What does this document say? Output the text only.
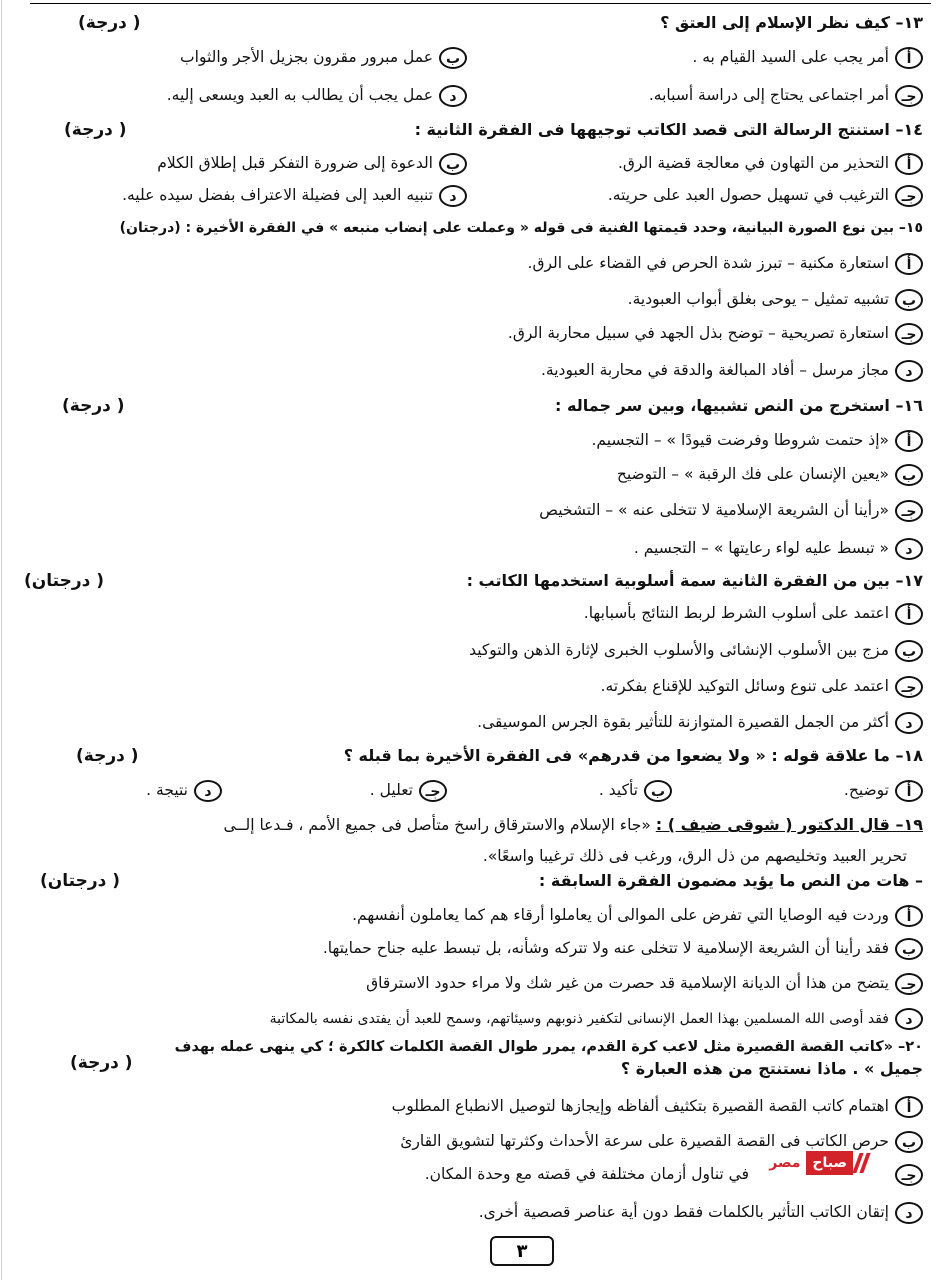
١٣– كيف نظر الإسلام إلى العتق ؟
( درجة)
أأمر يجب على السيد القيام به .
بعمل مبرور مقرون بجزيل الأجر والثواب
جـأمر اجتماعى يحتاج إلى دراسة أسبابه.
دعمل يجب أن يطالب به العبد ويسعى إليه.
١٤– استنتج الرسالة التى قصد الكاتب توجيهها فى الفقرة الثانية :
( درجة)
أالتحذير من التهاون في معالجة قضية الرق.
بالدعوة إلى ضرورة التفكر قبل إطلاق الكلام
جـالترغيب في تسهيل حصول العبد على حريته.
دتنبيه العبد إلى فضيلة الاعتراف بفضل سيده عليه.
١٥– بين نوع الصورة البيانية، وحدد قيمتها الفنية فى قوله « وعملت على إنضاب منبعه » في الفقرة الأخيرة : (درجتان)
أاستعارة مكنية – تبرز شدة الحرص في القضاء على الرق.
بتشبيه تمثيل – يوحى بغلق أبواب العبودية.
جـاستعارة تصريحية – توضح بذل الجهد في سبيل محاربة الرق.
دمجاز مرسل – أفاد المبالغة والدقة في محاربة العبودية.
١٦– استخرج من النص تشبيها، وبين سر جماله :
( درجة)
أ«إذ حتمت شروطا وفرضت قيودًا » – التجسيم.
ب«يعين الإنسان على فك الرقبة » – التوضيح
جـ«رأينا أن الشريعة الإسلامية لا تتخلى عنه » – التشخيص
د« تبسط عليه لواء رعايتها » – التجسيم .
١٧– بين من الفقرة الثانية سمة أسلوبية استخدمها الكاتب :
( درجتان)
أاعتمد على أسلوب الشرط لربط النتائج بأسبابها.
بمزج بين الأسلوب الإنشائى والأسلوب الخبرى لإثارة الذهن والتوكيد
جـاعتمد على تنوع وسائل التوكيد للإقناع بفكرته.
دأكثر من الجمل القصيرة المتوازنة للتأثير بقوة الجرس الموسيقى.
١٨– ما علاقة قوله : « ولا يضعوا من قدرهم» فى الفقرة الأخيرة بما قبله ؟
( درجة)
أتوضيح.
بتأكيد .
جـتعليل .
دنتيجة .
١٩– قال الدكتور ( شوقى ضيف ) : «جاء الإسلام والاسترقاق راسخ متأصل فى جميع الأمم ، فـدعا إلــى
تحرير العبيد وتخليصهم من ذل الرق، ورغب فى ذلك ترغيبا واسعًا».
– هات من النص ما يؤيد مضمون الفقرة السابقة :
( درجتان)
أوردت فيه الوصايا التي تفرض على الموالى أن يعاملوا أرقاء هم كما يعاملون أنفسهم.
بفقد رأينا أن الشريعة الإسلامية لا تتخلى عنه ولا تتركه وشأنه، بل تبسط عليه جناح حمايتها.
جـيتضح من هذا أن الديانة الإسلامية قد حصرت من غير شك ولا مراء حدود الاسترقاق
دفقد أوصى الله المسلمين بهذا العمل الإنسانى لتكفير ذنوبهم وسيئاتهم، وسمح للعبد أن يفتدى نفسه بالمكاتبة
٢٠– «كاتب القصة القصيرة مثل لاعب كرة القدم، يمرر طوال القصة الكلمات كالكرة ؛ كي ينهى عمله بهدف
جميل » . ماذا نستنتج من هذه العبارة ؟
( درجة)
أاهتمام كاتب القصة القصيرة بتكثيف ألفاظه وإيجازها لتوصيل الانطباع المطلوب
بحرص الكاتب فى القصة القصيرة على سرعة الأحداث وكثرتها لتشويق القارئ
جـفي تناول أزمان مختلفة في قصته مع وحدة المكان.
دإتقان الكاتب التأثير بالكلمات فقط دون أية عناصر قصصية أخرى.
صباح
مصر
٣
